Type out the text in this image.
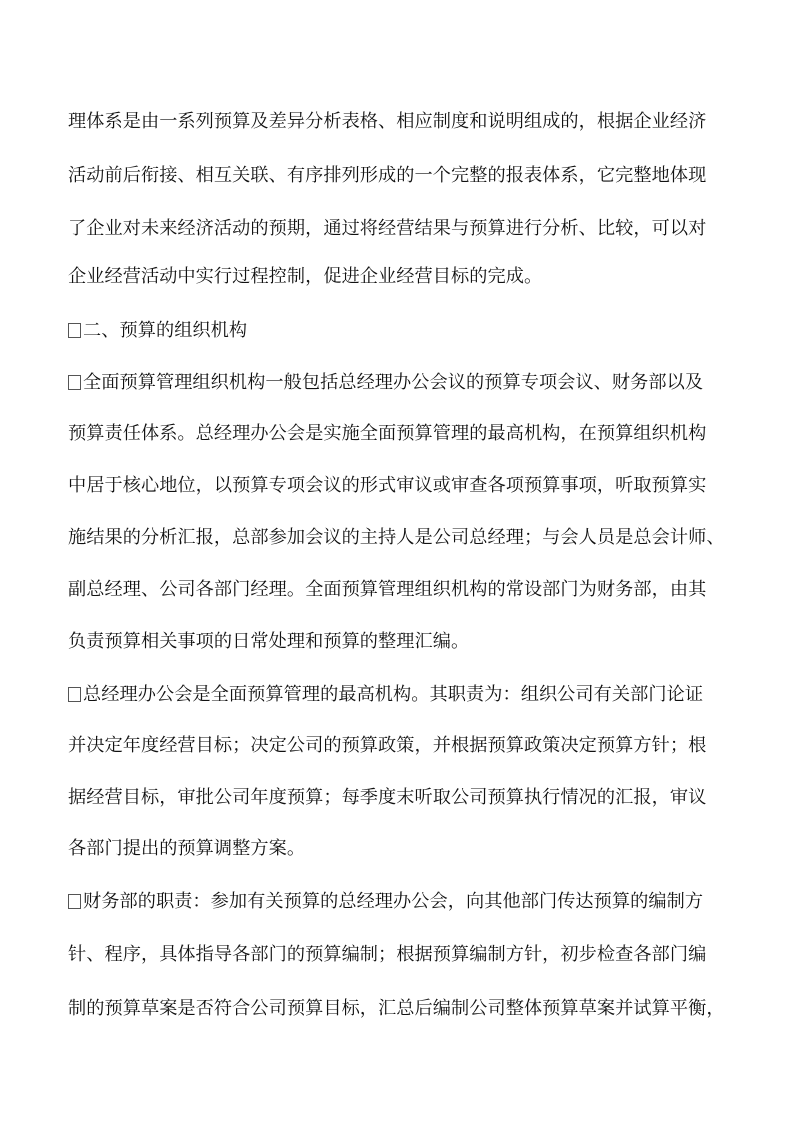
理体系是由一系列预算及差异分析表格、相应制度和说明组成的，根据企业经济
活动前后衔接、相互关联、有序排列形成的一个完整的报表体系，它完整地体现
了企业对未来经济活动的预期，通过将经营结果与预算进行分析、比较，可以对
企业经营活动中实行过程控制，促进企业经营目标的完成。
二、预算的组织机构
全面预算管理组织机构一般包括总经理办公会议的预算专项会议、财务部以及
预算责任体系。总经理办公会是实施全面预算管理的最高机构，在预算组织机构
中居于核心地位，以预算专项会议的形式审议或审查各项预算事项，听取预算实
施结果的分析汇报，总部参加会议的主持人是公司总经理；与会人员是总会计师、
副总经理、公司各部门经理。全面预算管理组织机构的常设部门为财务部，由其
负责预算相关事项的日常处理和预算的整理汇编。
总经理办公会是全面预算管理的最高机构。其职责为：组织公司有关部门论证
并决定年度经营目标；决定公司的预算政策，并根据预算政策决定预算方针；根
据经营目标，审批公司年度预算；每季度末听取公司预算执行情况的汇报，审议
各部门提出的预算调整方案。
财务部的职责：参加有关预算的总经理办公会，向其他部门传达预算的编制方
针、程序，具体指导各部门的预算编制；根据预算编制方针，初步检查各部门编
制的预算草案是否符合公司预算目标，汇总后编制公司整体预算草案并试算平衡，
